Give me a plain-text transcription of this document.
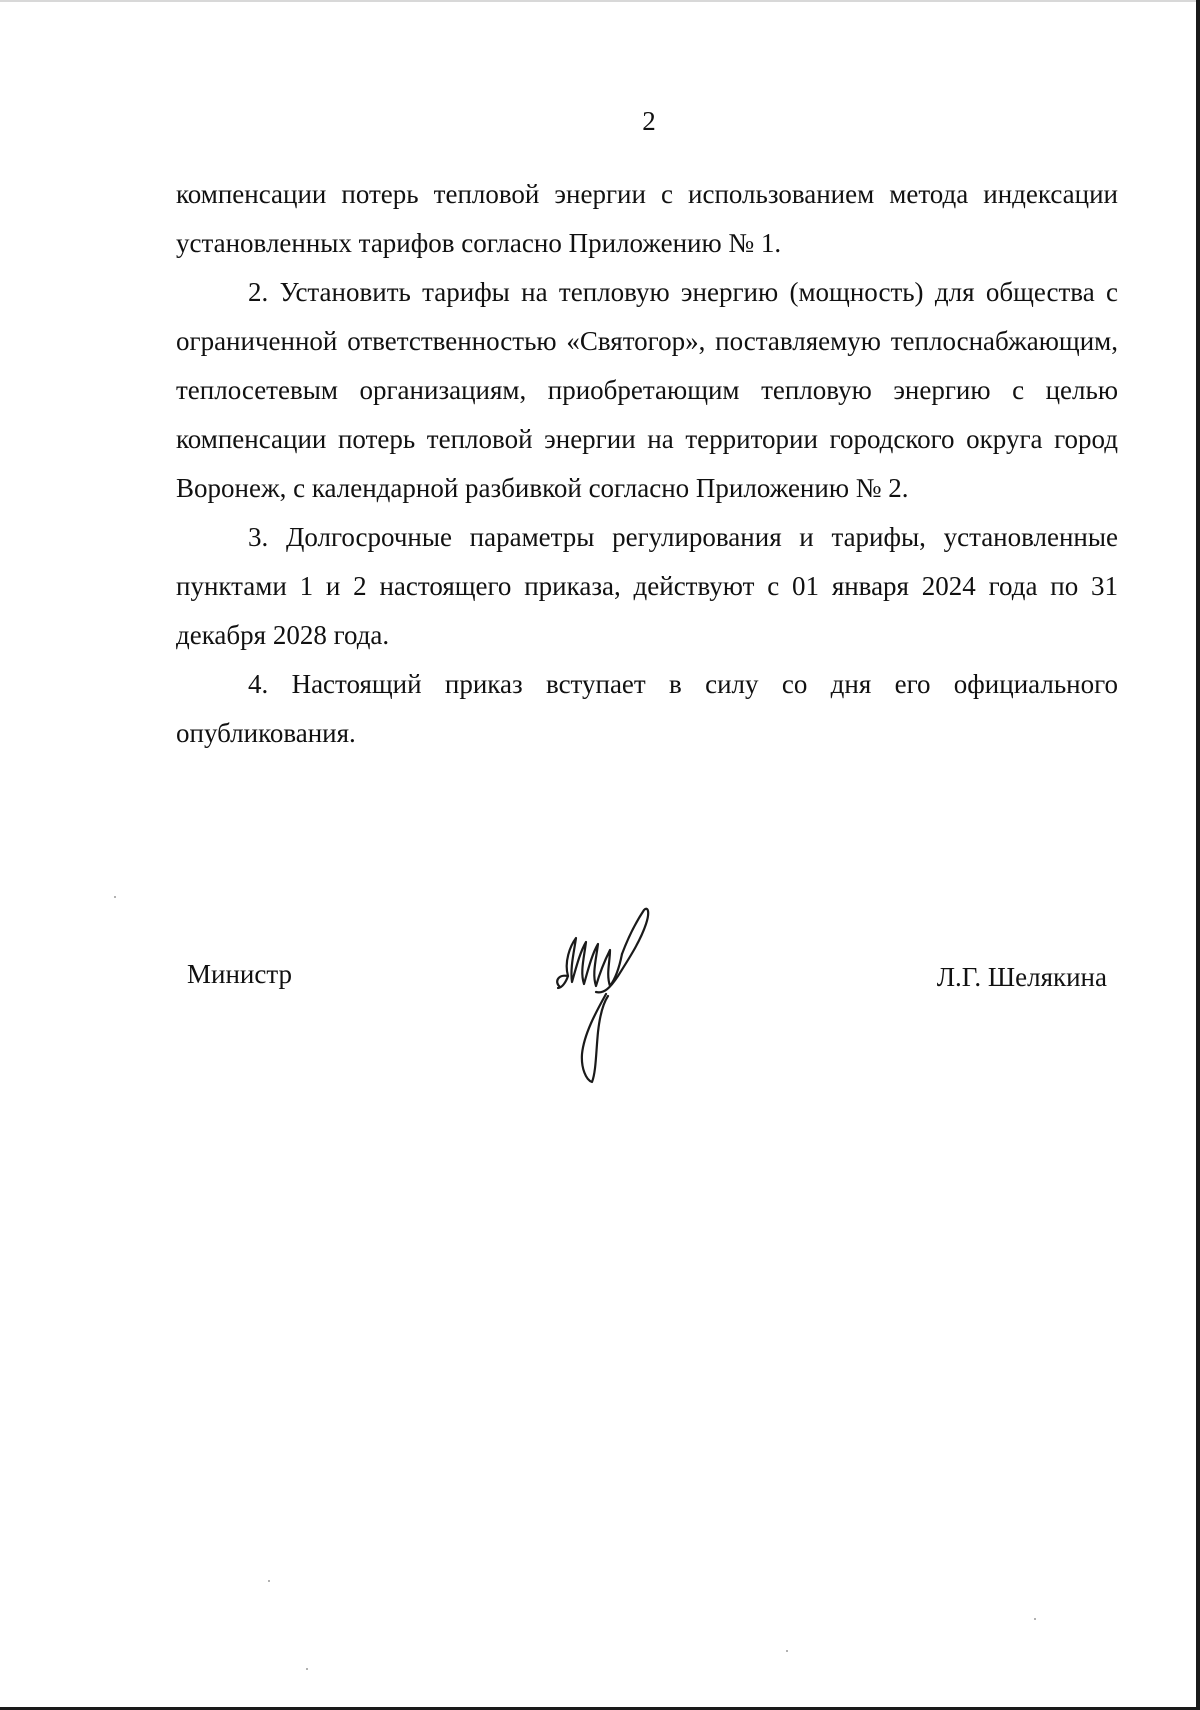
2

компенсации потерь тепловой энергии с использованием метода индексации установленных тарифов согласно Приложению № 1.

2. Установить тарифы на тепловую энергию (мощность) для общества с ограниченной ответственностью «Святогор», поставляемую теплоснабжающим, теплосетевым организациям, приобретающим тепловую энергию с целью компенсации потерь тепловой энергии на территории городского округа город Воронеж, с календарной разбивкой согласно Приложению № 2.

3. Долгосрочные параметры регулирования и тарифы, установленные пунктами 1 и 2 настоящего приказа, действуют с 01 января 2024 года по 31 декабря 2028 года.

4. Настоящий приказ вступает в силу со дня его официального опубликования.

Министр	Л.Г. Шелякина
